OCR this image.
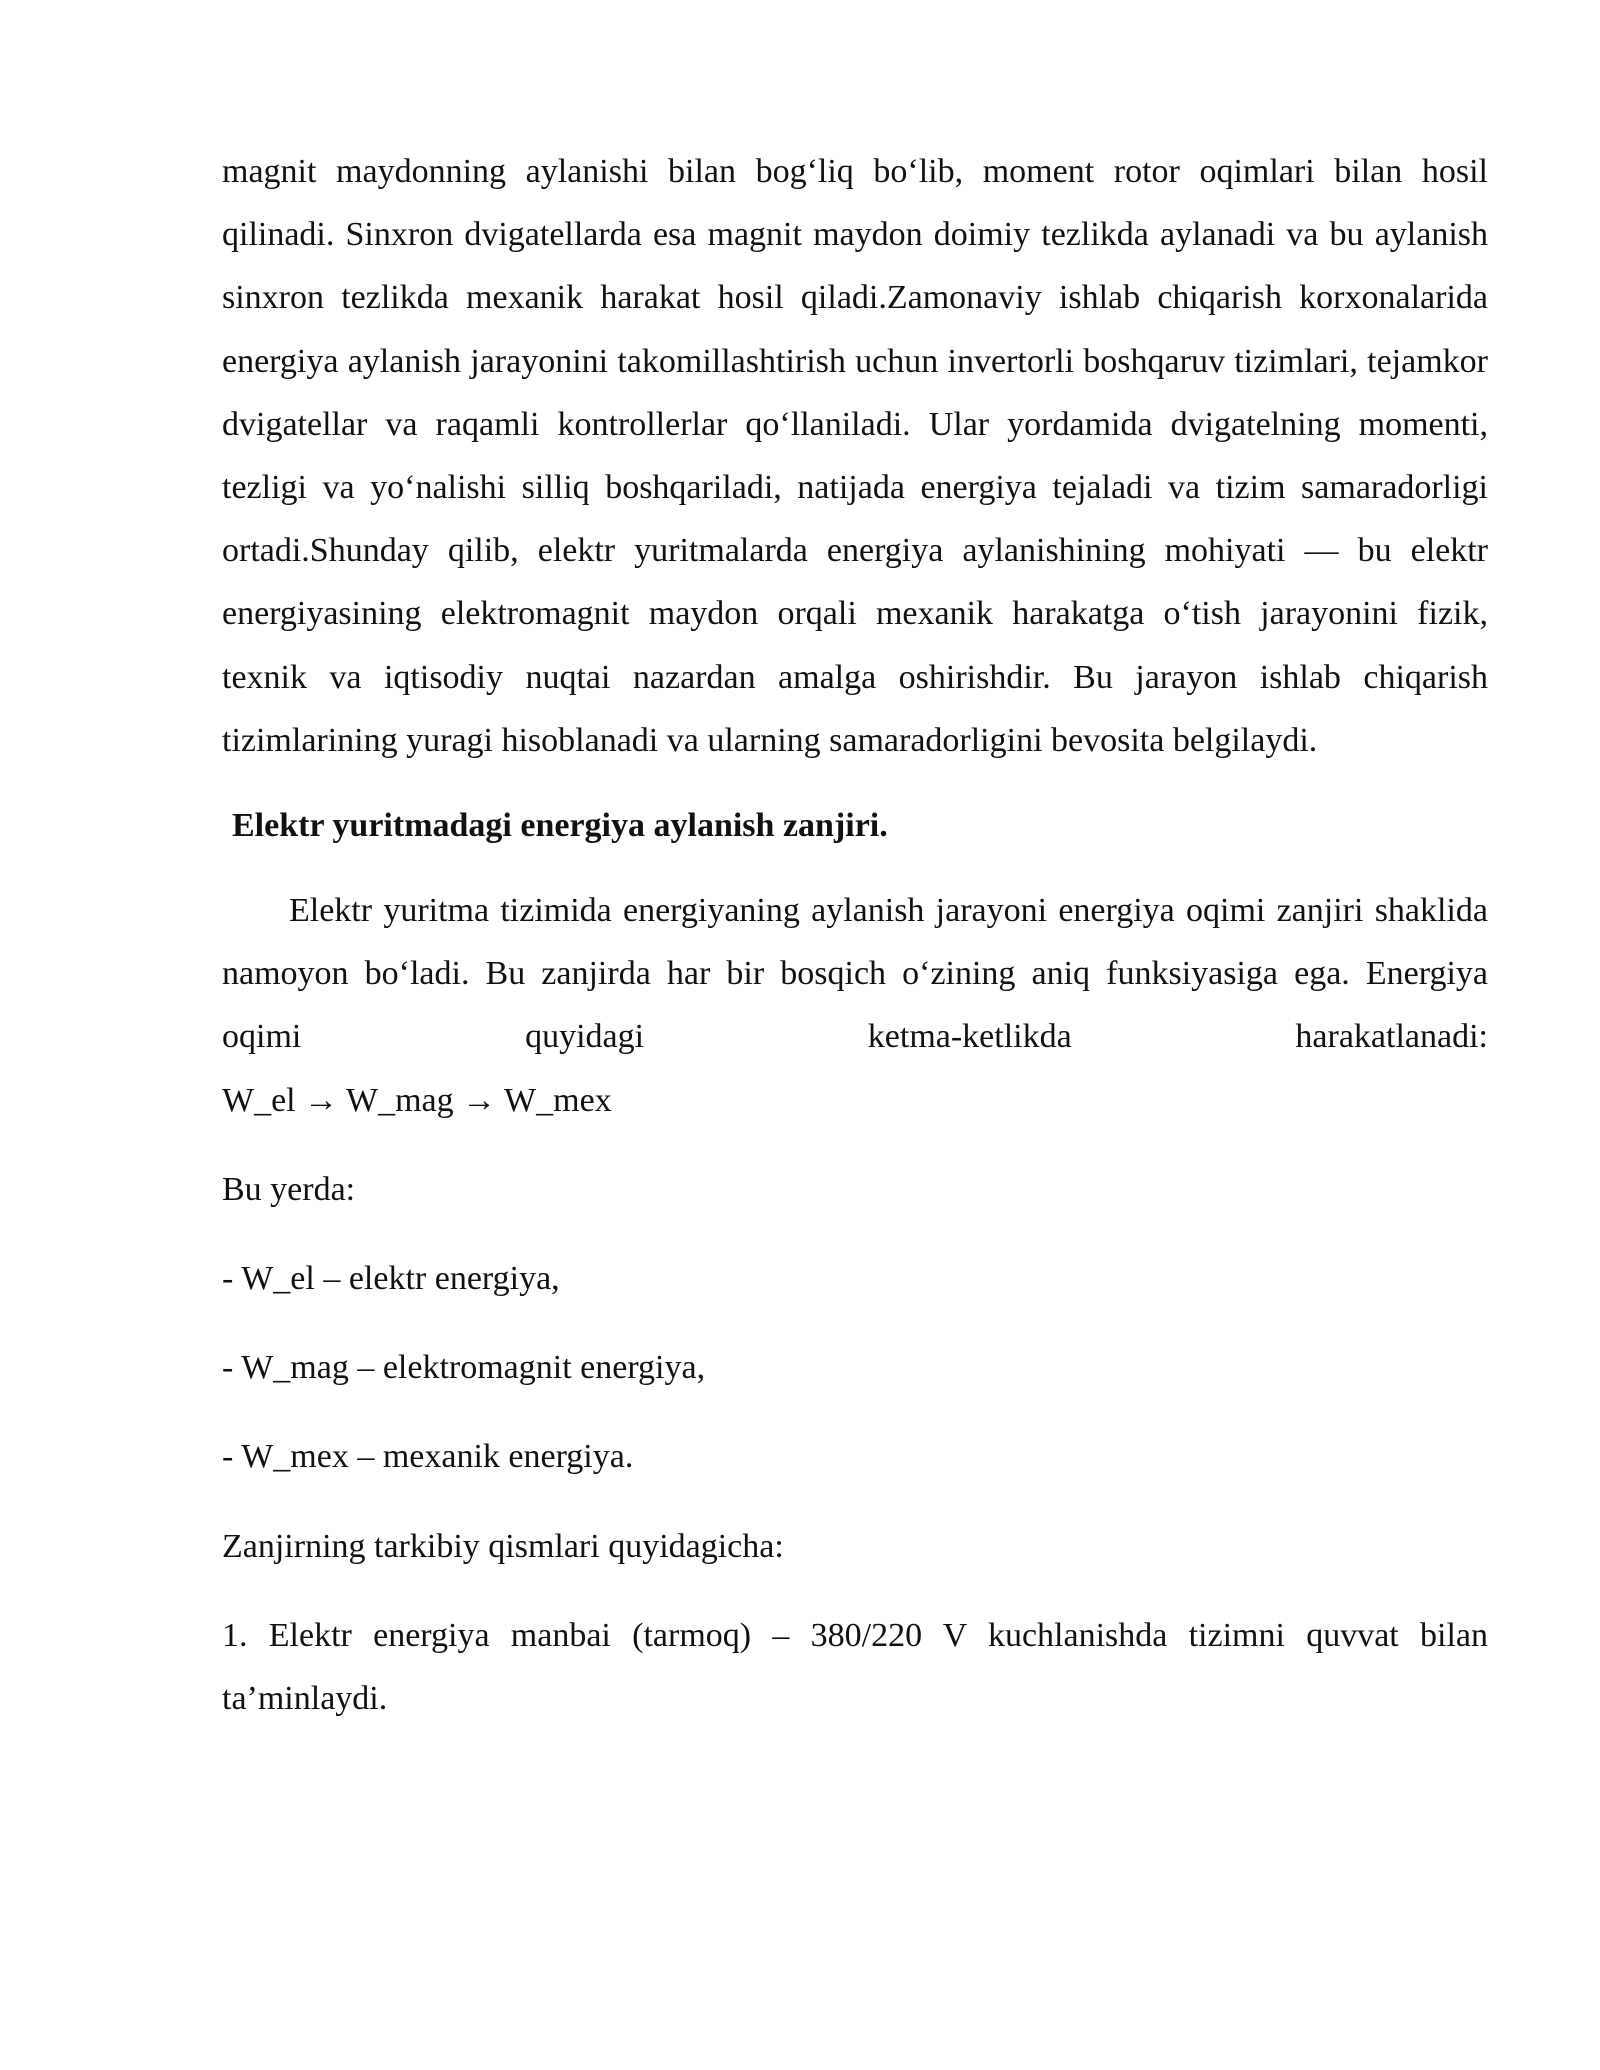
magnit maydonning aylanishi bilan bog‘liq bo‘lib, moment rotor oqimlari bilan hosil qilinadi. Sinxron dvigatellarda esa magnit maydon doimiy tezlikda aylanadi va bu aylanish sinxron tezlikda mexanik harakat hosil qiladi.Zamonaviy ishlab chiqarish korxonalarida energiya aylanish jarayonini takomillashtirish uchun invertorli boshqaruv tizimlari, tejamkor dvigatellar va raqamli kontrollerlar qo‘llaniladi. Ular yordamida dvigatelning momenti, tezligi va yo‘nalishi silliq boshqariladi, natijada energiya tejaladi va tizim samaradorligi ortadi.Shunday qilib, elektr yuritmalarda energiya aylanishining mohiyati — bu elektr energiyasining elektromagnit maydon orqali mexanik harakatga o‘tish jarayonini fizik, texnik va iqtisodiy nuqtai nazardan amalga oshirishdir. Bu jarayon ishlab chiqarish tizimlarining yuragi hisoblanadi va ularning samaradorligini bevosita belgilaydi.

Elektr yuritmadagi energiya aylanish zanjiri.

Elektr yuritma tizimida energiyaning aylanish jarayoni energiya oqimi zanjiri shaklida namoyon bo‘ladi. Bu zanjirda har bir bosqich o‘zining aniq funksiyasiga ega. Energiya oqimi quyidagi ketma-ketlikda harakatlanadi:

W_el → W_mag → W_mex

Bu yerda:

- W_el – elektr energiya,

- W_mag – elektromagnit energiya,

- W_mex – mexanik energiya.

Zanjirning tarkibiy qismlari quyidagicha:

1. Elektr energiya manbai (tarmoq) – 380/220 V kuchlanishda tizimni quvvat bilan ta’minlaydi.
